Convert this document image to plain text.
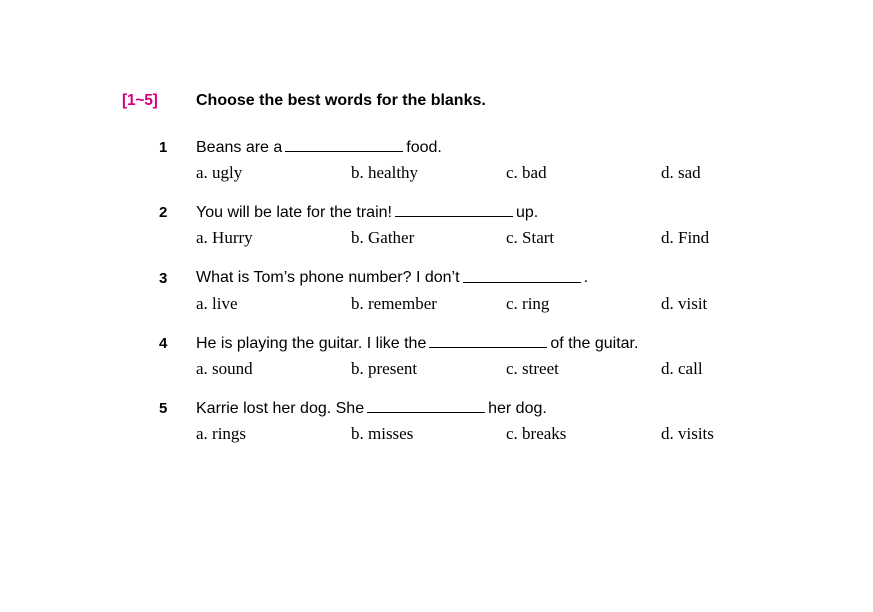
[1~5]	Choose the best words for the blanks.
1	Beans are a	food.
a. ugly	b. healthy	c. bad	d. sad
2	You will be late for the train!	up.
a. Hurry	b. Gather	c. Start	d. Find
3	What is Tom’s phone number? I don’t	.
a. live	b. remember	c. ring	d. visit
4	He is playing the guitar. I like the	of the guitar.
a. sound	b. present	c. street	d. call
5	Karrie lost her dog. She	her dog.
a. rings	b. misses	c. breaks	d. visits
